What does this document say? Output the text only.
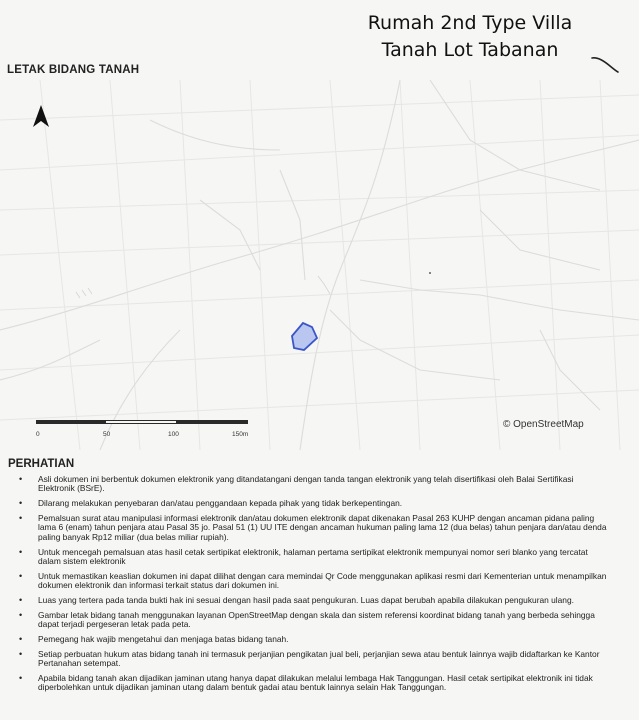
Rumah 2nd Type Villa
Tanah Lot Tabanan
LETAK BIDANG TANAH
© OpenStreetMap
0	50	100	150m
PERHATIAN
• Asli dokumen ini berbentuk dokumen elektronik yang ditandatangani dengan tanda tangan elektronik yang telah disertifikasi oleh Balai Sertifikasi Elektronik (BSrE).
• Dilarang melakukan penyebaran dan/atau penggandaan kepada pihak yang tidak berkepentingan.
• Pemalsuan surat atau manipulasi informasi elektronik dan/atau dokumen elektronik dapat dikenakan Pasal 263 KUHP dengan ancaman pidana paling lama 6 (enam) tahun penjara atau Pasal 35 jo. Pasal 51 (1) UU ITE dengan ancaman hukuman paling lama 12 (dua belas) tahun penjara dan/atau denda paling banyak Rp12 miliar (dua belas miliar rupiah).
• Untuk mencegah pemalsuan atas hasil cetak sertipikat elektronik, halaman pertama sertipikat elektronik mempunyai nomor seri blanko yang tercatat dalam sistem elektronik
• Untuk memastikan keaslian dokumen ini dapat dilihat dengan cara memindai Qr Code menggunakan aplikasi resmi dari Kementerian untuk menampilkan dokumen elektronik dan informasi terkait status dari dokumen ini.
• Luas yang tertera pada tanda bukti hak ini sesuai dengan hasil pada saat pengukuran. Luas dapat berubah apabila dilakukan pengukuran ulang.
• Gambar letak bidang tanah menggunakan layanan OpenStreetMap dengan skala dan sistem referensi koordinat bidang tanah yang berbeda sehingga dapat terjadi pergeseran letak pada peta.
• Pemegang hak wajib mengetahui dan menjaga batas bidang tanah.
• Setiap perbuatan hukum atas bidang tanah ini termasuk perjanjian pengikatan jual beli, perjanjian sewa atau bentuk lainnya wajib didaftarkan ke Kantor Pertanahan setempat.
• Apabila bidang tanah akan dijadikan jaminan utang hanya dapat dilakukan melalui lembaga Hak Tanggungan. Hasil cetak sertipikat elektronik ini tidak diperbolehkan untuk dijadikan jaminan utang dalam bentuk gadai atau bentuk lainnya selain Hak Tanggungan.
